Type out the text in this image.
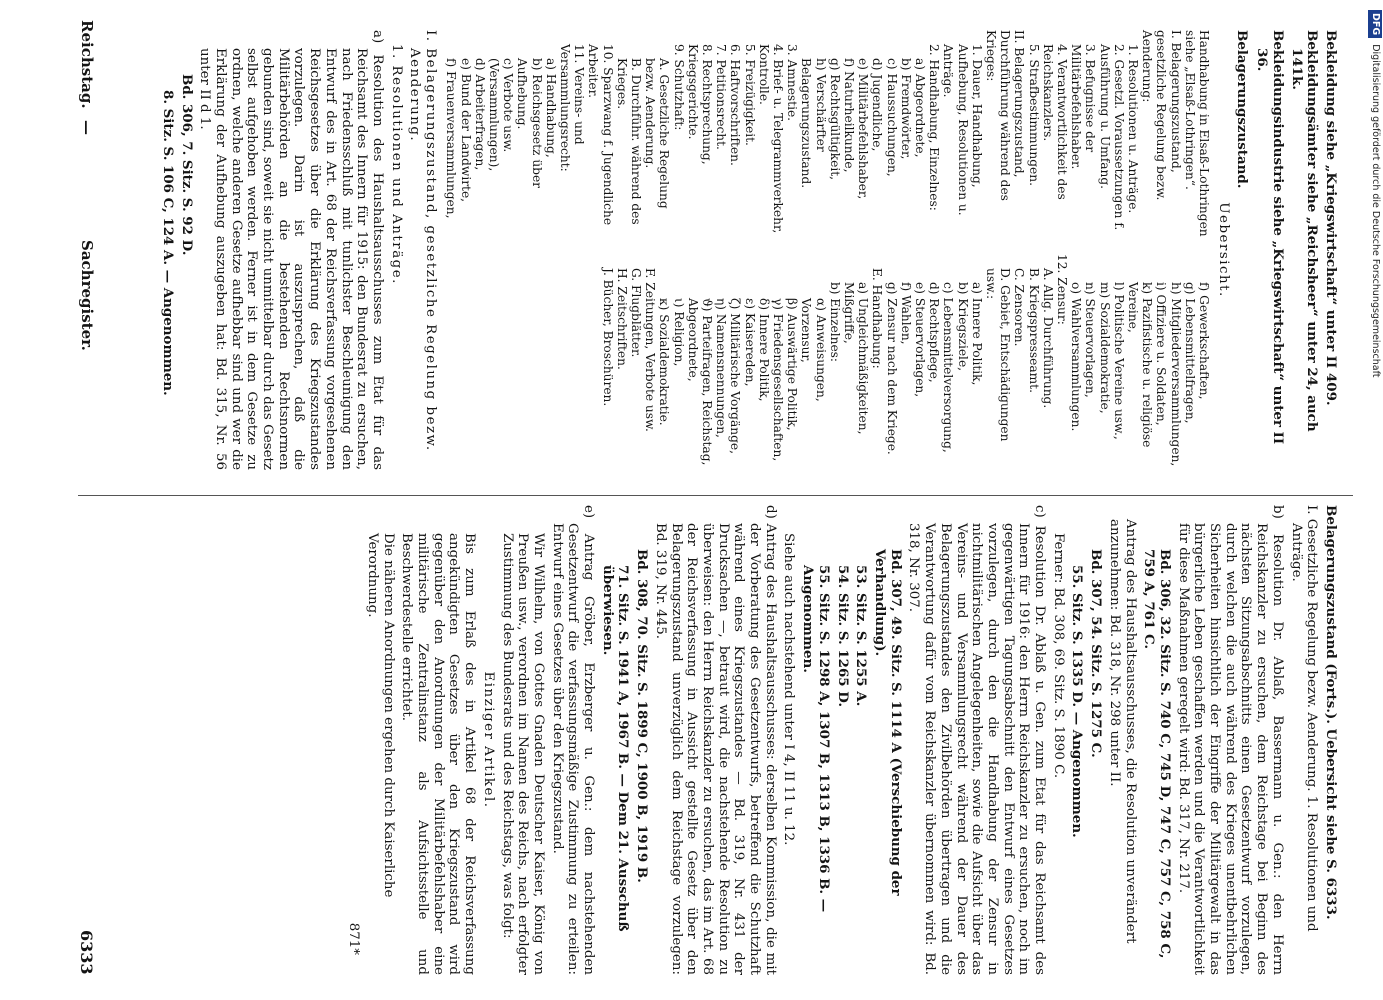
Reichstag.
—
Sachregister.
6333

Bekleidung siehe „Kriegswirtschaft“ unter II 409.

Bekleidungsämter siehe „Reichsheer“ unter 24, auch 141k.

Bekleidungsindustrie siehe „Kriegswirtschaft“ unter II 36.

Belagerungszustand.

Uebersicht.

Handhabung in Elsaß-Lothringen siehe „Elsaß-Lothringen“.
I. Belagerungszustand, gesetzliche Regelung bezw. Aenderung:
1. Resolutionen u. Anträge.
2. Gesetzl. Voraussetzungen f. Ausführung u. Umfang.
3. Befugnisse der Militärbefehlshaber.
4. Verantwortlichkeit des Reichskanzlers.
5. Strafbestimmungen.
II. Belagerungszustand, Durchführung während des Krieges:
1. Dauer, Handhabung, Aufhebung, Resolutionen u. Anträge.
2. Handhabung, Einzelnes:
a) Abgeordnete,
b) Fremdwörter,
c) Haussuchungen,
d) Jugendliche,
e) Militärbefehlshaber,
f) Naturheilkunde,
g) Rechtsgültigkeit,
h) Verschärfter Belagerungszustand.
3. Amnestie.
4. Brief- u. Telegrammverkehr, Kontrolle.
5. Freizügigkeit.
6. Haftvorschriften.
7. Petitionsrecht.
8. Rechtsprechung, Kriegsgerichte.
9. Schutzhaft:
A. Gesetzliche Regelung bezw. Aenderung.
B. Durchführ. während des Krieges.
10. Sparzwang f. Jugendliche Arbeiter.
11. Vereins- und Versammlungsrecht:
a) Handhabung,
b) Reichsgesetz über Aufhebung.
c) Verbote usw. (Versammlungen),
d) Arbeiterfragen,
e) Bund der Landwirte,
f) Frauenversammlungen,
f) Gewerkschaften,
g) Lebensmittelfragen,
h) Mitgliederversammlungen,
i) Offiziere u. Soldaten,
k) Pazifistische u. religiöse Vereine,
l) Politische Vereine usw.,
m) Sozialdemokratie,
n) Steuervorlagen,
o) Wahlversammlungen.
12. Zensur:
A. Allg. Durchführung.
B. Kriegspresseamt.
C. Zensoren.
D. Gebiet, Entschädigungen usw.:
a) Innere Politik,
b) Kriegsziele,
c) Lebensmittelversorgung,
d) Rechtspflege,
e) Steuervorlagen,
f) Wahlen,
g) Zensur nach dem Kriege.
E. Handhabung:
a) Ungleichmäßigkeiten, Mißgriffe,
b) Einzelnes:
α) Anweisungen, Vorzensur,
β) Auswärtige Politik,
γ) Friedensgesellschaften,
δ) Innere Politik,
ε) Kaisereden,
ζ) Militärische Vorgänge,
η) Namensnennungen,
ϑ) Parteifragen, Reichstag, Abgeordnete,
ι) Religion,
κ) Sozialdemokratie.
F. Zeitungen, Verbote usw.
G. Flugblätter.
H. Zeitschriften.
J. Bücher, Broschüren.

I. Belagerungszustand, gesetzliche Regelung bezw. Aenderung.

1. Resolutionen und Anträge.

a) Resolution des Haushaltsausschusses zum Etat für das Reichsamt des Innern für 1915: den Bundesrat zu ersuchen, nach Friedensschluß mit tunlichster Beschleunigung den Entwurf des in Art. 68 der Reichsverfassung vorgesehenen Reichsgesetzes über die Erklärung des Kriegszustandes vorzulegen. Darin ist auszusprechen, daß die Militärbehörden an die bestehenden Rechtsnormen gebunden sind, soweit sie nicht unmittelbar durch das Gesetz selbst aufgehoben werden. Ferner ist in dem Gesetze zu ordnen, welche anderen Gesetze aufhebbar sind und wer die Erklärung der Aufhebung auszugeben hat: Bd. 315, Nr. 56 unter II d 1.

Bd. 306, 7. Sitz. S. 92 D.

8. Sitz. S. 106 C, 124 A. — Angenommen.

Belagerungszustand (Forts.). Uebersicht siehe S. 6333.

I. Gesetzliche Regelung bezw. Aenderung. 1. Resolutionen und Anträge.

b) Resolution Dr. Ablaß, Bassermann u. Gen.: den Herrn Reichskanzler zu ersuchen, dem Reichstage bei Beginn des nächsten Sitzungsabschnitts einen Gesetzentwurf vorzulegen, durch welchen die auch während des Krieges unentbehrlichen Sicherheiten hinsichtlich der Eingriffe der Militärgewalt in das bürgerliche Leben geschaffen werden und die Verantwortlichkeit für diese Maßnahmen geregelt wird: Bd. 317, Nr. 217.

Bd. 306, 32. Sitz. S. 740 C, 745 D, 747 C, 757 C, 758 C, 759 A, 761 C.

Antrag des Haushaltsausschusses, die Resolution unverändert anzunehmen: Bd. 318, Nr. 298 unter II.

Bd. 307, 54. Sitz. S. 1275 C.

55. Sitz. S. 1335 D. — Angenommen.

Ferner: Bd. 308, 69. Sitz. S. 1890 C.

c) Resolution Dr. Ablaß u. Gen. zum Etat für das Reichsamt des Innern für 1916: den Herrn Reichskanzler zu ersuchen, noch im gegenwärtigen Tagungsabschnitt den Entwurf eines Gesetzes vorzulegen, durch den die Handhabung der Zensur in nichtmilitärischen Angelegenheiten, sowie die Aufsicht über das Vereins- und Versammlungsrecht während der Dauer des Belagerungszustandes den Zivilbehörden übertragen und die Verantwortung dafür vom Reichskanzler übernommen wird: Bd. 318, Nr. 307.

Bd. 307, 49. Sitz. S. 1114 A (Verschiebung der Verhandlung).

53. Sitz. S. 1255 A.

54. Sitz. S. 1265 D.

55. Sitz. S. 1298 A, 1307 B, 1313 B, 1336 B. — Angenommen.

Siehe auch nachstehend unter I 4, II 11 u. 12.

d) Antrag des Haushaltsausschusses: derselben Kommission, die mit der Vorberatung des Gesetzentwurfs, betreffend die Schutzhaft während eines Kriegszustandes — Bd. 319, Nr. 431 der Drucksachen —, betraut wird, die nachstehende Resolution zu überweisen: den Herrn Reichskanzler zu ersuchen, das im Art. 68 der Reichsverfassung in Aussicht gestellte Gesetz über den Belagerungszustand unverzüglich dem Reichstage vorzulegen: Bd. 319, Nr. 445.

Bd. 308, 70. Sitz. S. 1899 C, 1900 B, 1919 B.

71. Sitz. S. 1941 A, 1967 B. — Dem 21. Ausschuß überwiesen.

e) Antrag Gröber, Erzberger u. Gen.: dem nachstehenden Gesetzentwurf die verfassungsmäßige Zustimmung zu erteilen: Entwurf eines Gesetzes über den Kriegszustand.

Wir Wilhelm, von Gottes Gnaden Deutscher Kaiser, König von Preußen usw., verordnen im Namen des Reichs, nach erfolgter Zustimmung des Bundesrats und des Reichstags, was folgt:

Einziger Artikel.

Bis zum Erlaß des in Artikel 68 der Reichsverfassung angekündigten Gesetzes über den Kriegszustand wird gegenüber den Anordnungen der Militärbefehlshaber eine militärische Zentralinstanz als Aufsichtsstelle und Beschwerdestelle errichtet.

Die näheren Anordnungen ergehen durch Kaiserliche Verordnung.

871*

DFGDigitalisierung gefördert durch die Deutsche Forschungsgemeinschaft
